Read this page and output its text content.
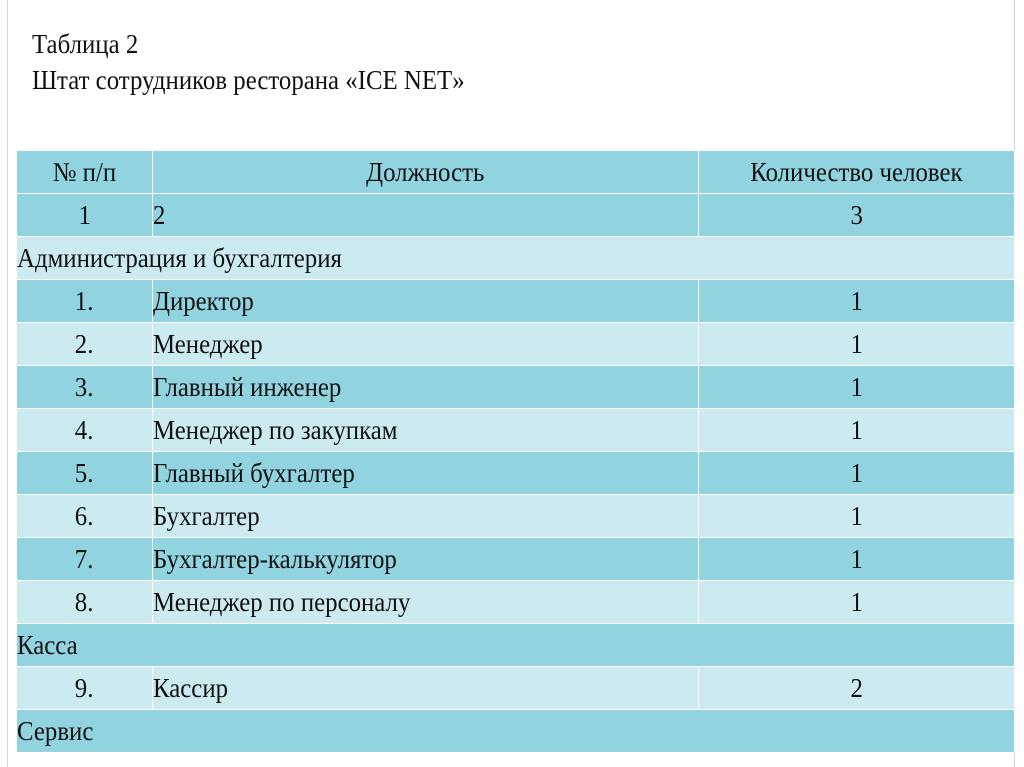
Таблица 2
Штат сотрудников ресторана «ICE NET»
№ п/п	Должность	Количество человек
1	2	3
Администрация и бухгалтерия		
1.	Директор	1
2.	Менеджер	1
3.	Главный инженер	1
4.	Менеджер по закупкам	1
5.	Главный бухгалтер	1
6.	Бухгалтер	1
7.	Бухгалтер-калькулятор	1
8.	Менеджер по персоналу	1
Касса		
9.	Кассир	2
Сервис		
